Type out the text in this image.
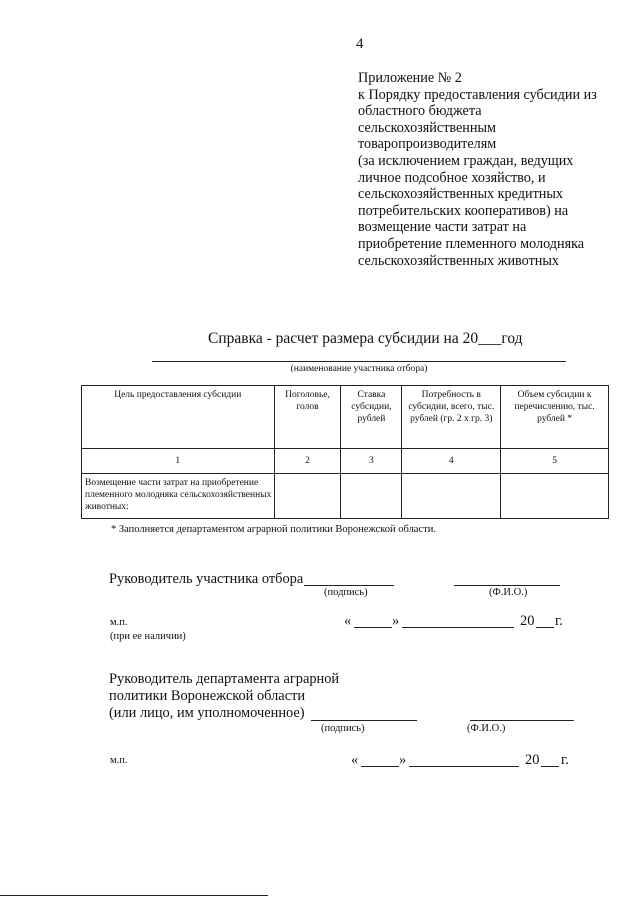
4
Приложение № 2
к Порядку предоставления субсидии из
областного бюджета
сельскохозяйственным
товаропроизводителям
(за исключением граждан, ведущих
личное подсобное хозяйство, и
сельскохозяйственных кредитных
потребительских кооперативов) на
возмещение части затрат на
приобретение племенного молодняка
сельскохозяйственных животных
Справка - расчет размера субсидии на 20___год
(наименование участника отбора)
Цель предоставления субсидии	Поголовье, голов	Ставка субсидии, рублей	Потребность в субсидии, всего, тыс. рублей (гр. 2 х гр. 3)	Объем субсидии к перечислению, тыс. рублей *
1	2	3	4	5
Возмещение части затрат на приобретение племенного молодняка сельскохозяйственных животных:				
* Заполняется департаментом аграрной политики Воронежской области.
Руководитель участника отбора
(подпись)	(Ф.И.О.)
м.п.
(при ее наличии)
«	»	20 г.
Руководитель департамента аграрной
политики Воронежской области
(или лицо, им уполномоченное)
(подпись)	(Ф.И.О.)
м.п.	«	»	20 г.
